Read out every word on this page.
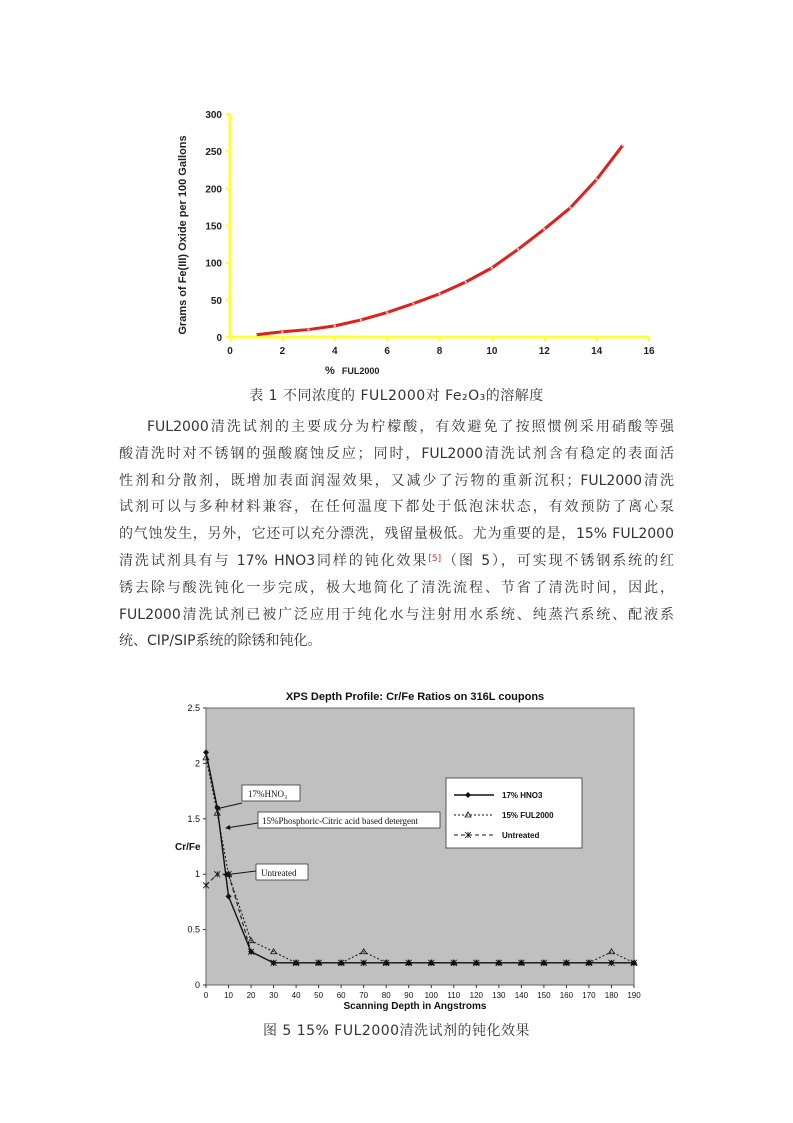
0	2	4	6	8	10	12	14	16
0
50
100
150
200
250
300
Grams of Fe(III) Oxide per 100 Gallons
% FUL2000
表 1 不同浓度的 FUL2000对 Fe₂O₃的溶解度
FUL2000清洗试剂的主要成分为柠檬酸，有效避免了按照惯例采用硝酸等强
酸清洗时对不锈钢的强酸腐蚀反应；同时，FUL2000清洗试剂含有稳定的表面活
性剂和分散剂，既增加表面润湿效果，又减少了污物的重新沉积；FUL2000清洗
试剂可以与多种材料兼容，在任何温度下都处于低泡沫状态，有效预防了离心泵
的气蚀发生，另外，它还可以充分漂洗，残留量极低。尤为重要的是，15% FUL2000
清洗试剂具有与 17% HNO3同样的钝化效果[5]（图 5），可实现不锈钢系统的红
锈去除与酸洗钝化一步完成，极大地简化了清洗流程、节省了清洗时间，因此，
FUL2000清洗试剂已被广泛应用于纯化水与注射用水系统、纯蒸汽系统、配液系
统、CIP/SIP系统的除锈和钝化。
XPS Depth Profile: Cr/Fe Ratios on 316L coupons
0 10 20 30 40 50 60 70 80 90 100 110 120 130 140 150 160 170 180 190
0
0.5
1
1.5
2
2.5
Cr/Fe
Scanning Depth in Angstroms
17%HNO₃
15%Phosphoric-Citric acid based detergent
Untreated
17% HNO3
15% FUL2000
Untreated
图 5 15% FUL2000清洗试剂的钝化效果
